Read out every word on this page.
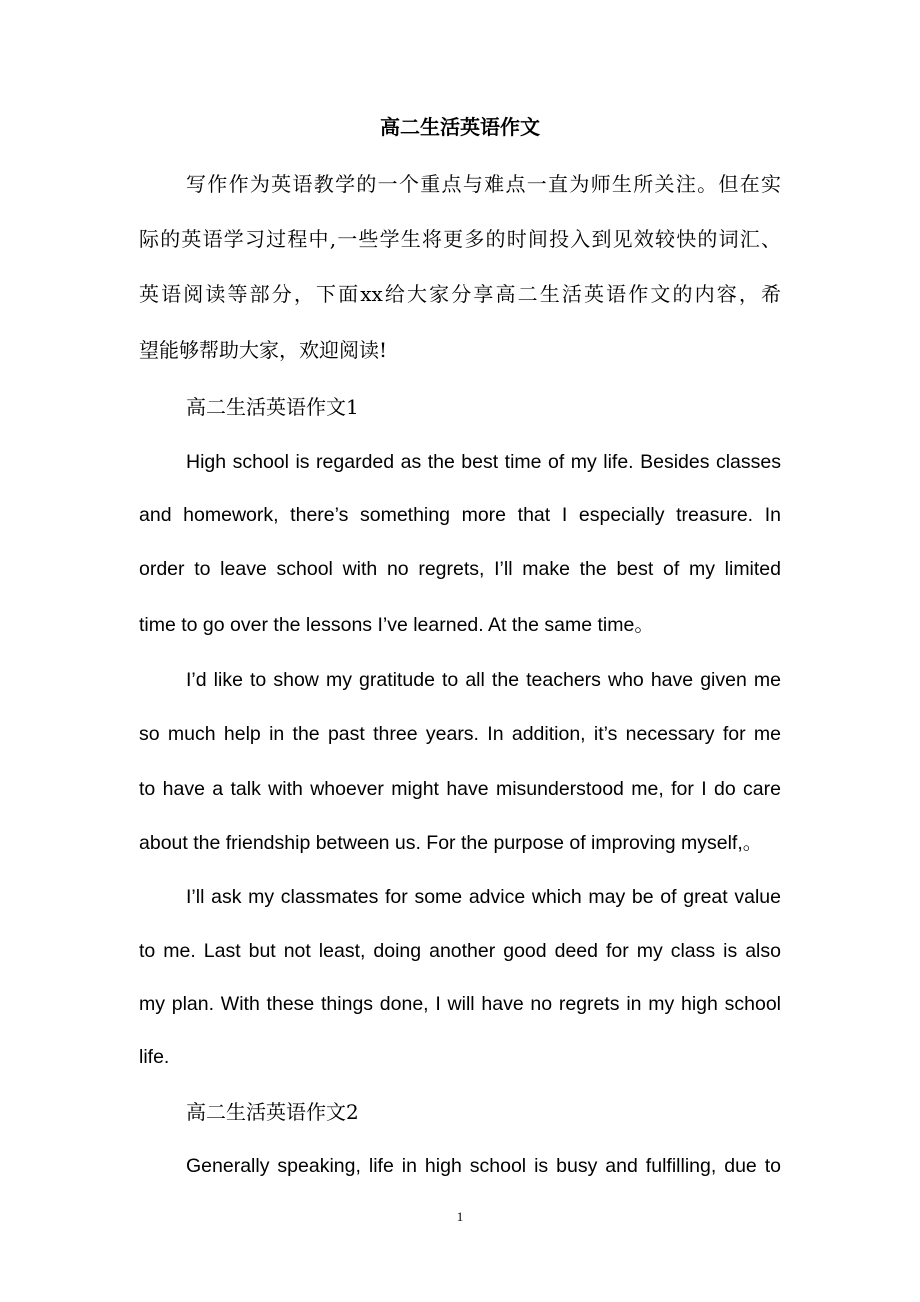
高二生活英语作文
写作作为英语教学的一个重点与难点一直为师生所关注。但在实
际的英语学习过程中,一些学生将更多的时间投入到见效较快的词汇、
英语阅读等部分，下面xx给大家分享高二生活英语作文的内容，希
望能够帮助大家，欢迎阅读!
高二生活英语作文1
High school is regarded as the best time of my life. Besides classes
and homework, there’s something more that I especially treasure. In
order to leave school with no regrets, I’ll make the best of my limited
time to go over the lessons I’ve learned. At the same time。
I’d like to show my gratitude to all the teachers who have given me
so much help in the past three years. In addition, it’s necessary for me
to have a talk with whoever might have misunderstood me, for I do care
about the friendship between us. For the purpose of improving myself,。
I’ll ask my classmates for some advice which may be of great value
to me. Last but not least, doing another good deed for my class is also
my plan. With these things done, I will have no regrets in my high school
life.
高二生活英语作文2
Generally speaking, life in high school is busy and fulfilling, due to
1
